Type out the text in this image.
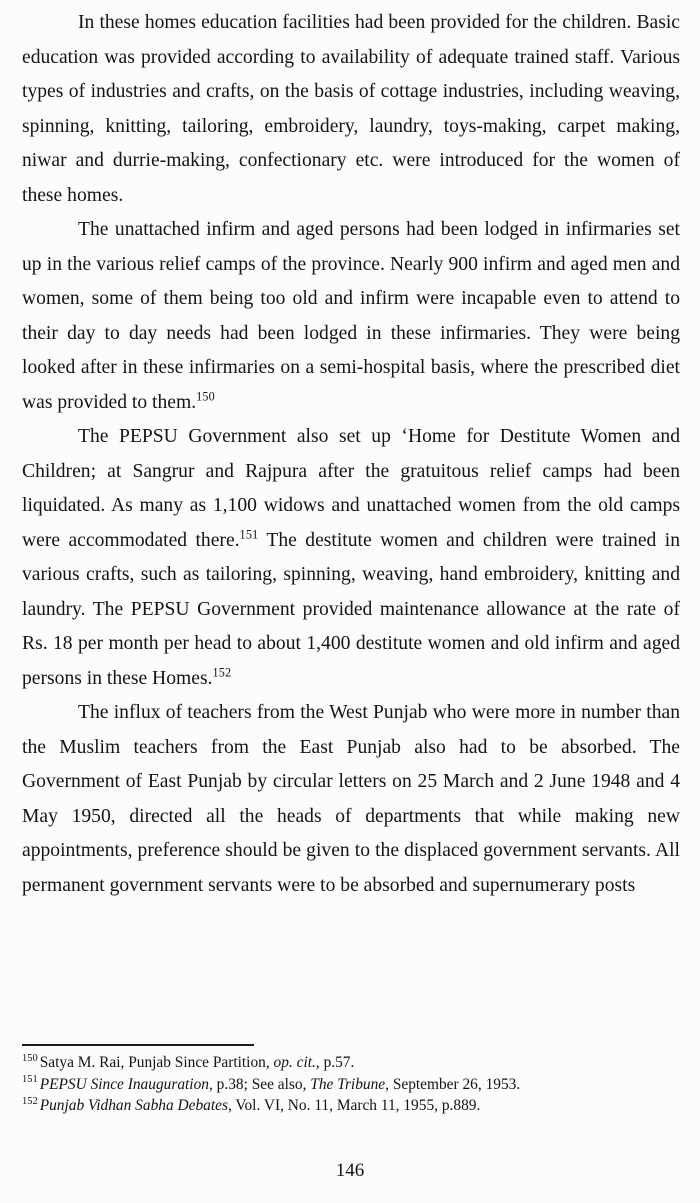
In these homes education facilities had been provided for the children. Basic education was provided according to availability of adequate trained staff. Various types of industries and crafts, on the basis of cottage industries, including weaving, spinning, knitting, tailoring, embroidery, laundry, toys-making, carpet making, niwar and durrie-making, confectionary etc. were introduced for the women of these homes.

The unattached infirm and aged persons had been lodged in infirmaries set up in the various relief camps of the province. Nearly 900 infirm and aged men and women, some of them being too old and infirm were incapable even to attend to their day to day needs had been lodged in these infirmaries. They were being looked after in these infirmaries on a semi-hospital basis, where the prescribed diet was provided to them.$^{150}$

The PEPSU Government also set up ‘Home for Destitute Women and Children; at Sangrur and Rajpura after the gratuitous relief camps had been liquidated. As many as 1,100 widows and unattached women from the old camps were accommodated there.$^{151}$ The destitute women and children were trained in various crafts, such as tailoring, spinning, weaving, hand embroidery, knitting and laundry. The PEPSU Government provided maintenance allowance at the rate of Rs. 18 per month per head to about 1,400 destitute women and old infirm and aged persons in these Homes.$^{152}$

The influx of teachers from the West Punjab who were more in number than the Muslim teachers from the East Punjab also had to be absorbed. The Government of East Punjab by circular letters on 25 March and 2 June 1948 and 4 May 1950, directed all the heads of departments that while making new appointments, preference should be given to the displaced government servants. All permanent government servants were to be absorbed and supernumerary posts

$^{150}$ Satya M. Rai, Punjab Since Partition, op. cit., p.57.

$^{151}$ PEPSU Since Inauguration, p.38; See also, The Tribune, September 26, 1953.

$^{152}$ Punjab Vidhan Sabha Debates, Vol. VI, No. 11, March 11, 1955, p.889.

146
